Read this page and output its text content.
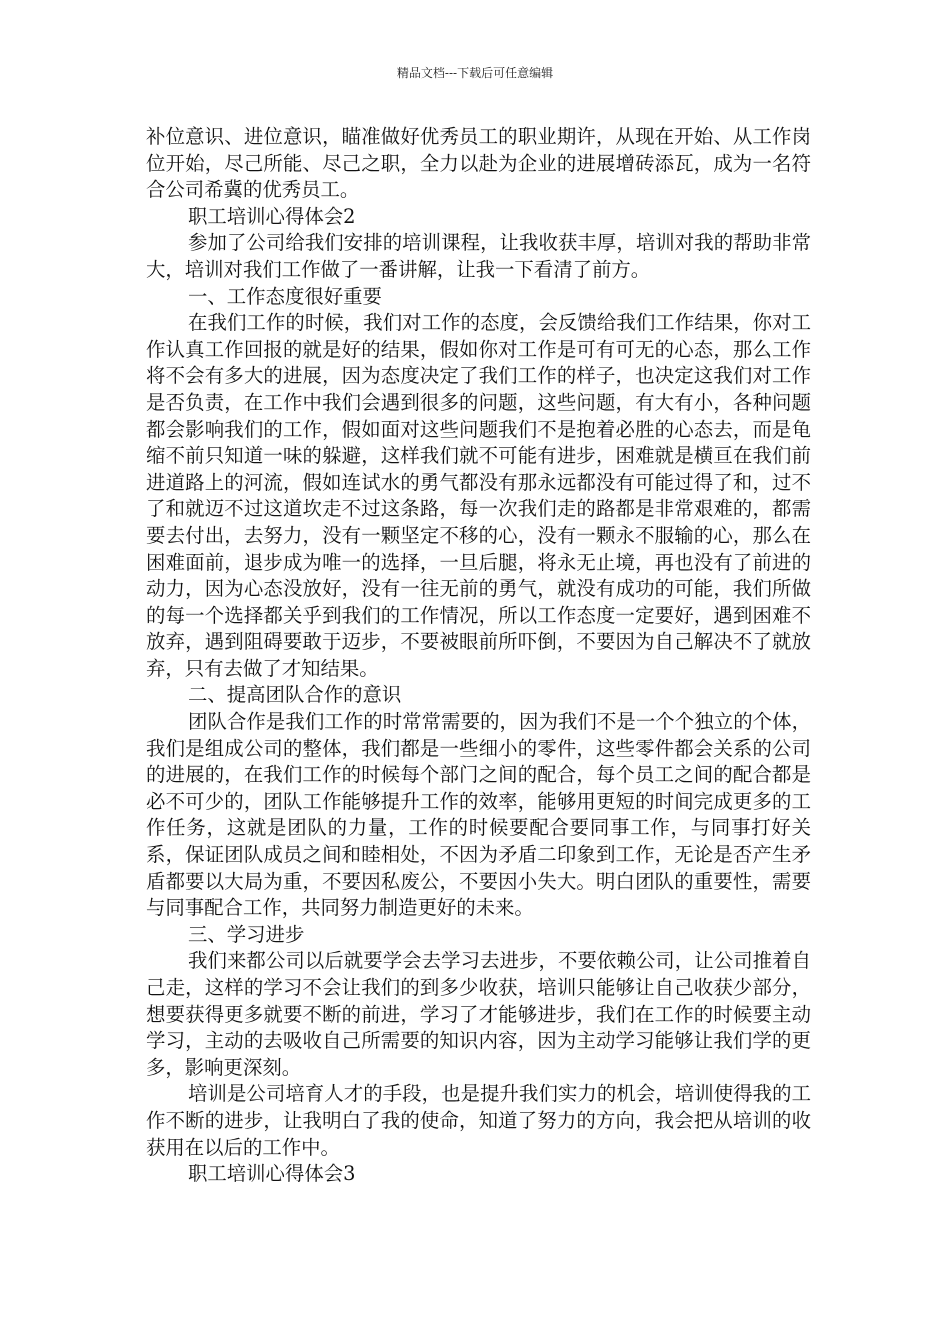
精品文档---下载后可任意编辑

补位意识、进位意识，瞄准做好优秀员工的职业期许，从现在开始、从工作岗位开始，尽己所能、尽己之职，全力以赴为企业的进展增砖添瓦，成为一名符合公司希冀的优秀员工。

职工培训心得体会2

参加了公司给我们安排的培训课程，让我收获丰厚，培训对我的帮助非常大，培训对我们工作做了一番讲解，让我一下看清了前方。

一、工作态度很好重要

在我们工作的时候，我们对工作的态度，会反馈给我们工作结果，你对工作认真工作回报的就是好的结果，假如你对工作是可有可无的心态，那么工作将不会有多大的进展，因为态度决定了我们工作的样子，也决定这我们对工作是否负责，在工作中我们会遇到很多的问题，这些问题，有大有小，各种问题都会影响我们的工作，假如面对这些问题我们不是抱着必胜的心态去，而是龟缩不前只知道一味的躲避，这样我们就不可能有进步，困难就是横亘在我们前进道路上的河流，假如连试水的勇气都没有那永远都没有可能过得了和，过不了和就迈不过这道坎走不过这条路，每一次我们走的路都是非常艰难的，都需要去付出，去努力，没有一颗坚定不移的心，没有一颗永不服输的心，那么在困难面前，退步成为唯一的选择，一旦后腿，将永无止境，再也没有了前进的动力，因为心态没放好，没有一往无前的勇气，就没有成功的可能，我们所做的每一个选择都关乎到我们的工作情况，所以工作态度一定要好，遇到困难不放弃，遇到阻碍要敢于迈步，不要被眼前所吓倒，不要因为自己解决不了就放弃，只有去做了才知结果。

二、提高团队合作的意识

团队合作是我们工作的时常常需要的，因为我们不是一个个独立的个体，我们是组成公司的整体，我们都是一些细小的零件，这些零件都会关系的公司的进展的，在我们工作的时候每个部门之间的配合，每个员工之间的配合都是必不可少的，团队工作能够提升工作的效率，能够用更短的时间完成更多的工作任务，这就是团队的力量，工作的时候要配合要同事工作，与同事打好关系，保证团队成员之间和睦相处，不因为矛盾二印象到工作，无论是否产生矛盾都要以大局为重，不要因私废公，不要因小失大。明白团队的重要性，需要与同事配合工作，共同努力制造更好的未来。

三、学习进步

我们来都公司以后就要学会去学习去进步，不要依赖公司，让公司推着自己走，这样的学习不会让我们的到多少收获，培训只能够让自己收获少部分，想要获得更多就要不断的前进，学习了才能够进步，我们在工作的时候要主动学习，主动的去吸收自己所需要的知识内容，因为主动学习能够让我们学的更多，影响更深刻。

培训是公司培育人才的手段，也是提升我们实力的机会，培训使得我的工作不断的进步，让我明白了我的使命，知道了努力的方向，我会把从培训的收获用在以后的工作中。

职工培训心得体会3
